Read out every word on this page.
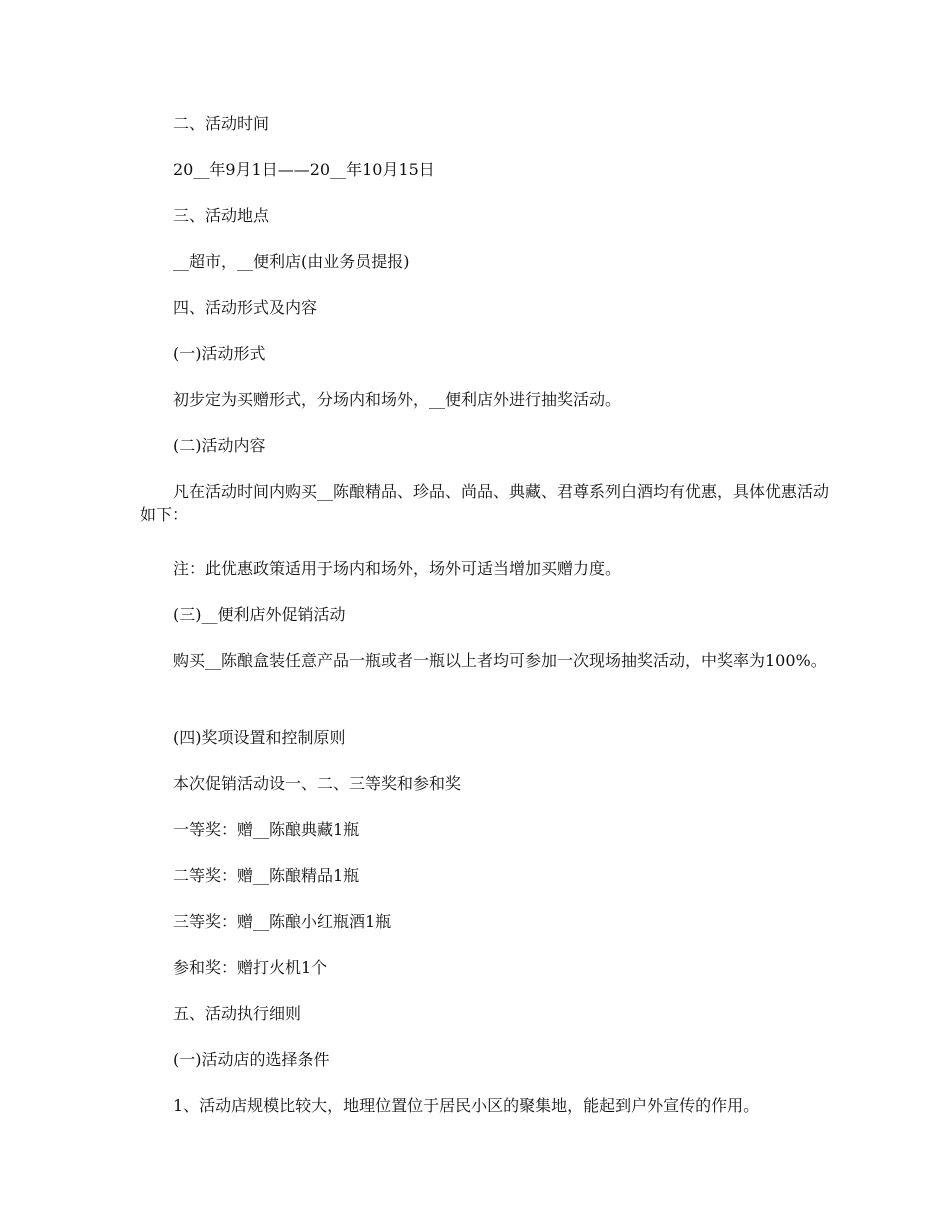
二、活动时间

20__年9月1日——20__年10月15日

三、活动地点

__超市，__便利店(由业务员提报)

四、活动形式及内容

(一)活动形式

初步定为买赠形式，分场内和场外，__便利店外进行抽奖活动。

(二)活动内容

凡在活动时间内购买__陈酿精品、珍品、尚品、典藏、君尊系列白酒均有优惠，具体优惠活动如下：

注：此优惠政策适用于场内和场外，场外可适当增加买赠力度。

(三)__便利店外促销活动

购买__陈酿盒装任意产品一瓶或者一瓶以上者均可参加一次现场抽奖活动，中奖率为100%。

(四)奖项设置和控制原则

本次促销活动设一、二、三等奖和参和奖

一等奖：赠__陈酿典藏1瓶

二等奖：赠__陈酿精品1瓶

三等奖：赠__陈酿小红瓶酒1瓶

参和奖：赠打火机1个

五、活动执行细则

(一)活动店的选择条件

1、活动店规模比较大，地理位置位于居民小区的聚集地，能起到户外宣传的作用。
